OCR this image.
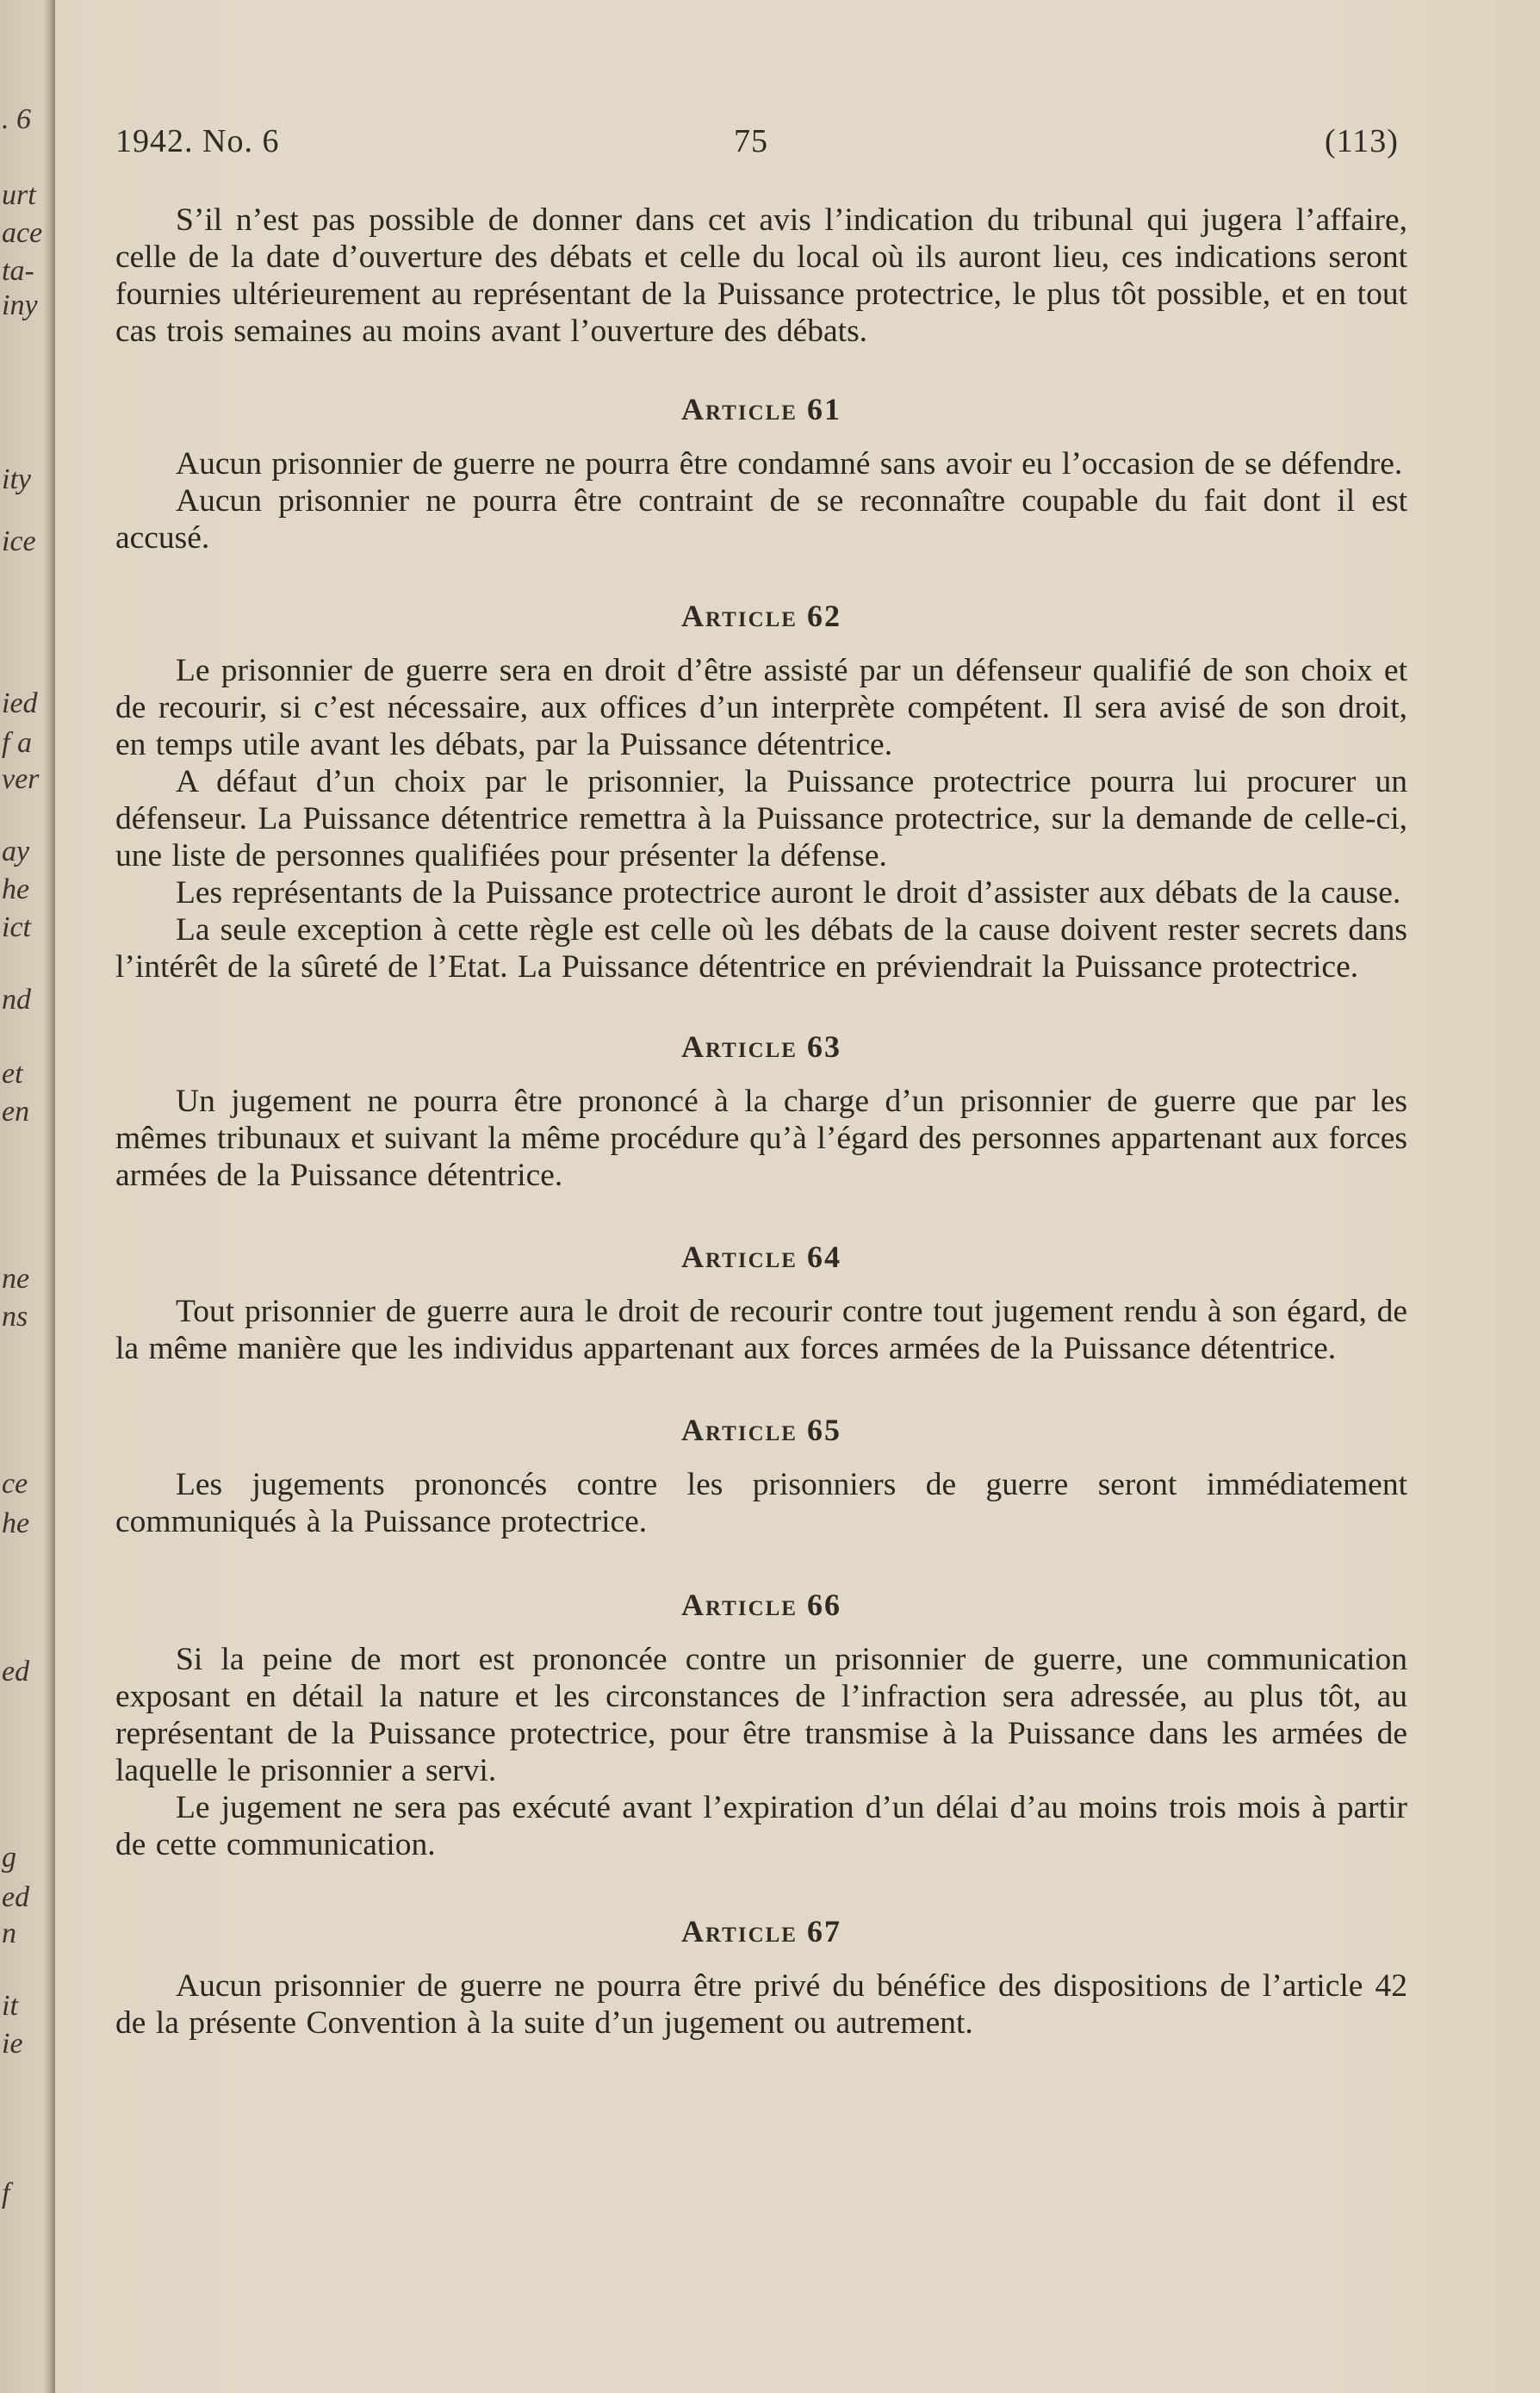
. 6
urt
ace
ta-
iny
ity
ice
ied
f a
ver
ay
he
ict
nd
et
en
ne
ns
ce
he
ed
g
ed
n
it
ie
f
1942. No. 6	75	(113)

S’il n’est pas possible de donner dans cet avis l’indication du tribunal qui jugera l’affaire, celle de la date d’ouverture des débats et celle du local où ils auront lieu, ces indications seront fournies ultérieurement au représentant de la Puissance protectrice, le plus tôt possible, et en tout cas trois semaines au moins avant l’ouverture des débats.

Article 61

Aucun prisonnier de guerre ne pourra être condamné sans avoir eu l’occasion de se défendre.

Aucun prisonnier ne pourra être contraint de se reconnaître coupable du fait dont il est accusé.

Article 62

Le prisonnier de guerre sera en droit d’être assisté par un défenseur qualifié de son choix et de recourir, si c’est nécessaire, aux offices d’un interprète compétent. Il sera avisé de son droit, en temps utile avant les débats, par la Puissance détentrice.

A défaut d’un choix par le prisonnier, la Puissance protectrice pourra lui procurer un défenseur. La Puissance détentrice remettra à la Puissance protectrice, sur la demande de celle-ci, une liste de personnes qualifiées pour présenter la défense.

Les représentants de la Puissance protectrice auront le droit d’assister aux débats de la cause.

La seule exception à cette règle est celle où les débats de la cause doivent rester secrets dans l’intérêt de la sûreté de l’Etat. La Puissance détentrice en préviendrait la Puissance protectrice.

Article 63

Un jugement ne pourra être prononcé à la charge d’un prisonnier de guerre que par les mêmes tribunaux et suivant la même procédure qu’à l’égard des personnes appartenant aux forces armées de la Puissance détentrice.

Article 64

Tout prisonnier de guerre aura le droit de recourir contre tout jugement rendu à son égard, de la même manière que les individus appartenant aux forces armées de la Puissance détentrice.

Article 65

Les jugements prononcés contre les prisonniers de guerre seront immédiatement communiqués à la Puissance protectrice.

Article 66

Si la peine de mort est prononcée contre un prisonnier de guerre, une communication exposant en détail la nature et les circonstances de l’infraction sera adressée, au plus tôt, au représentant de la Puissance protectrice, pour être transmise à la Puissance dans les armées de laquelle le prisonnier a servi.

Le jugement ne sera pas exécuté avant l’expiration d’un délai d’au moins trois mois à partir de cette communication.

Article 67

Aucun prisonnier de guerre ne pourra être privé du bénéfice des dispositions de l’article 42 de la présente Convention à la suite d’un jugement ou autrement.
